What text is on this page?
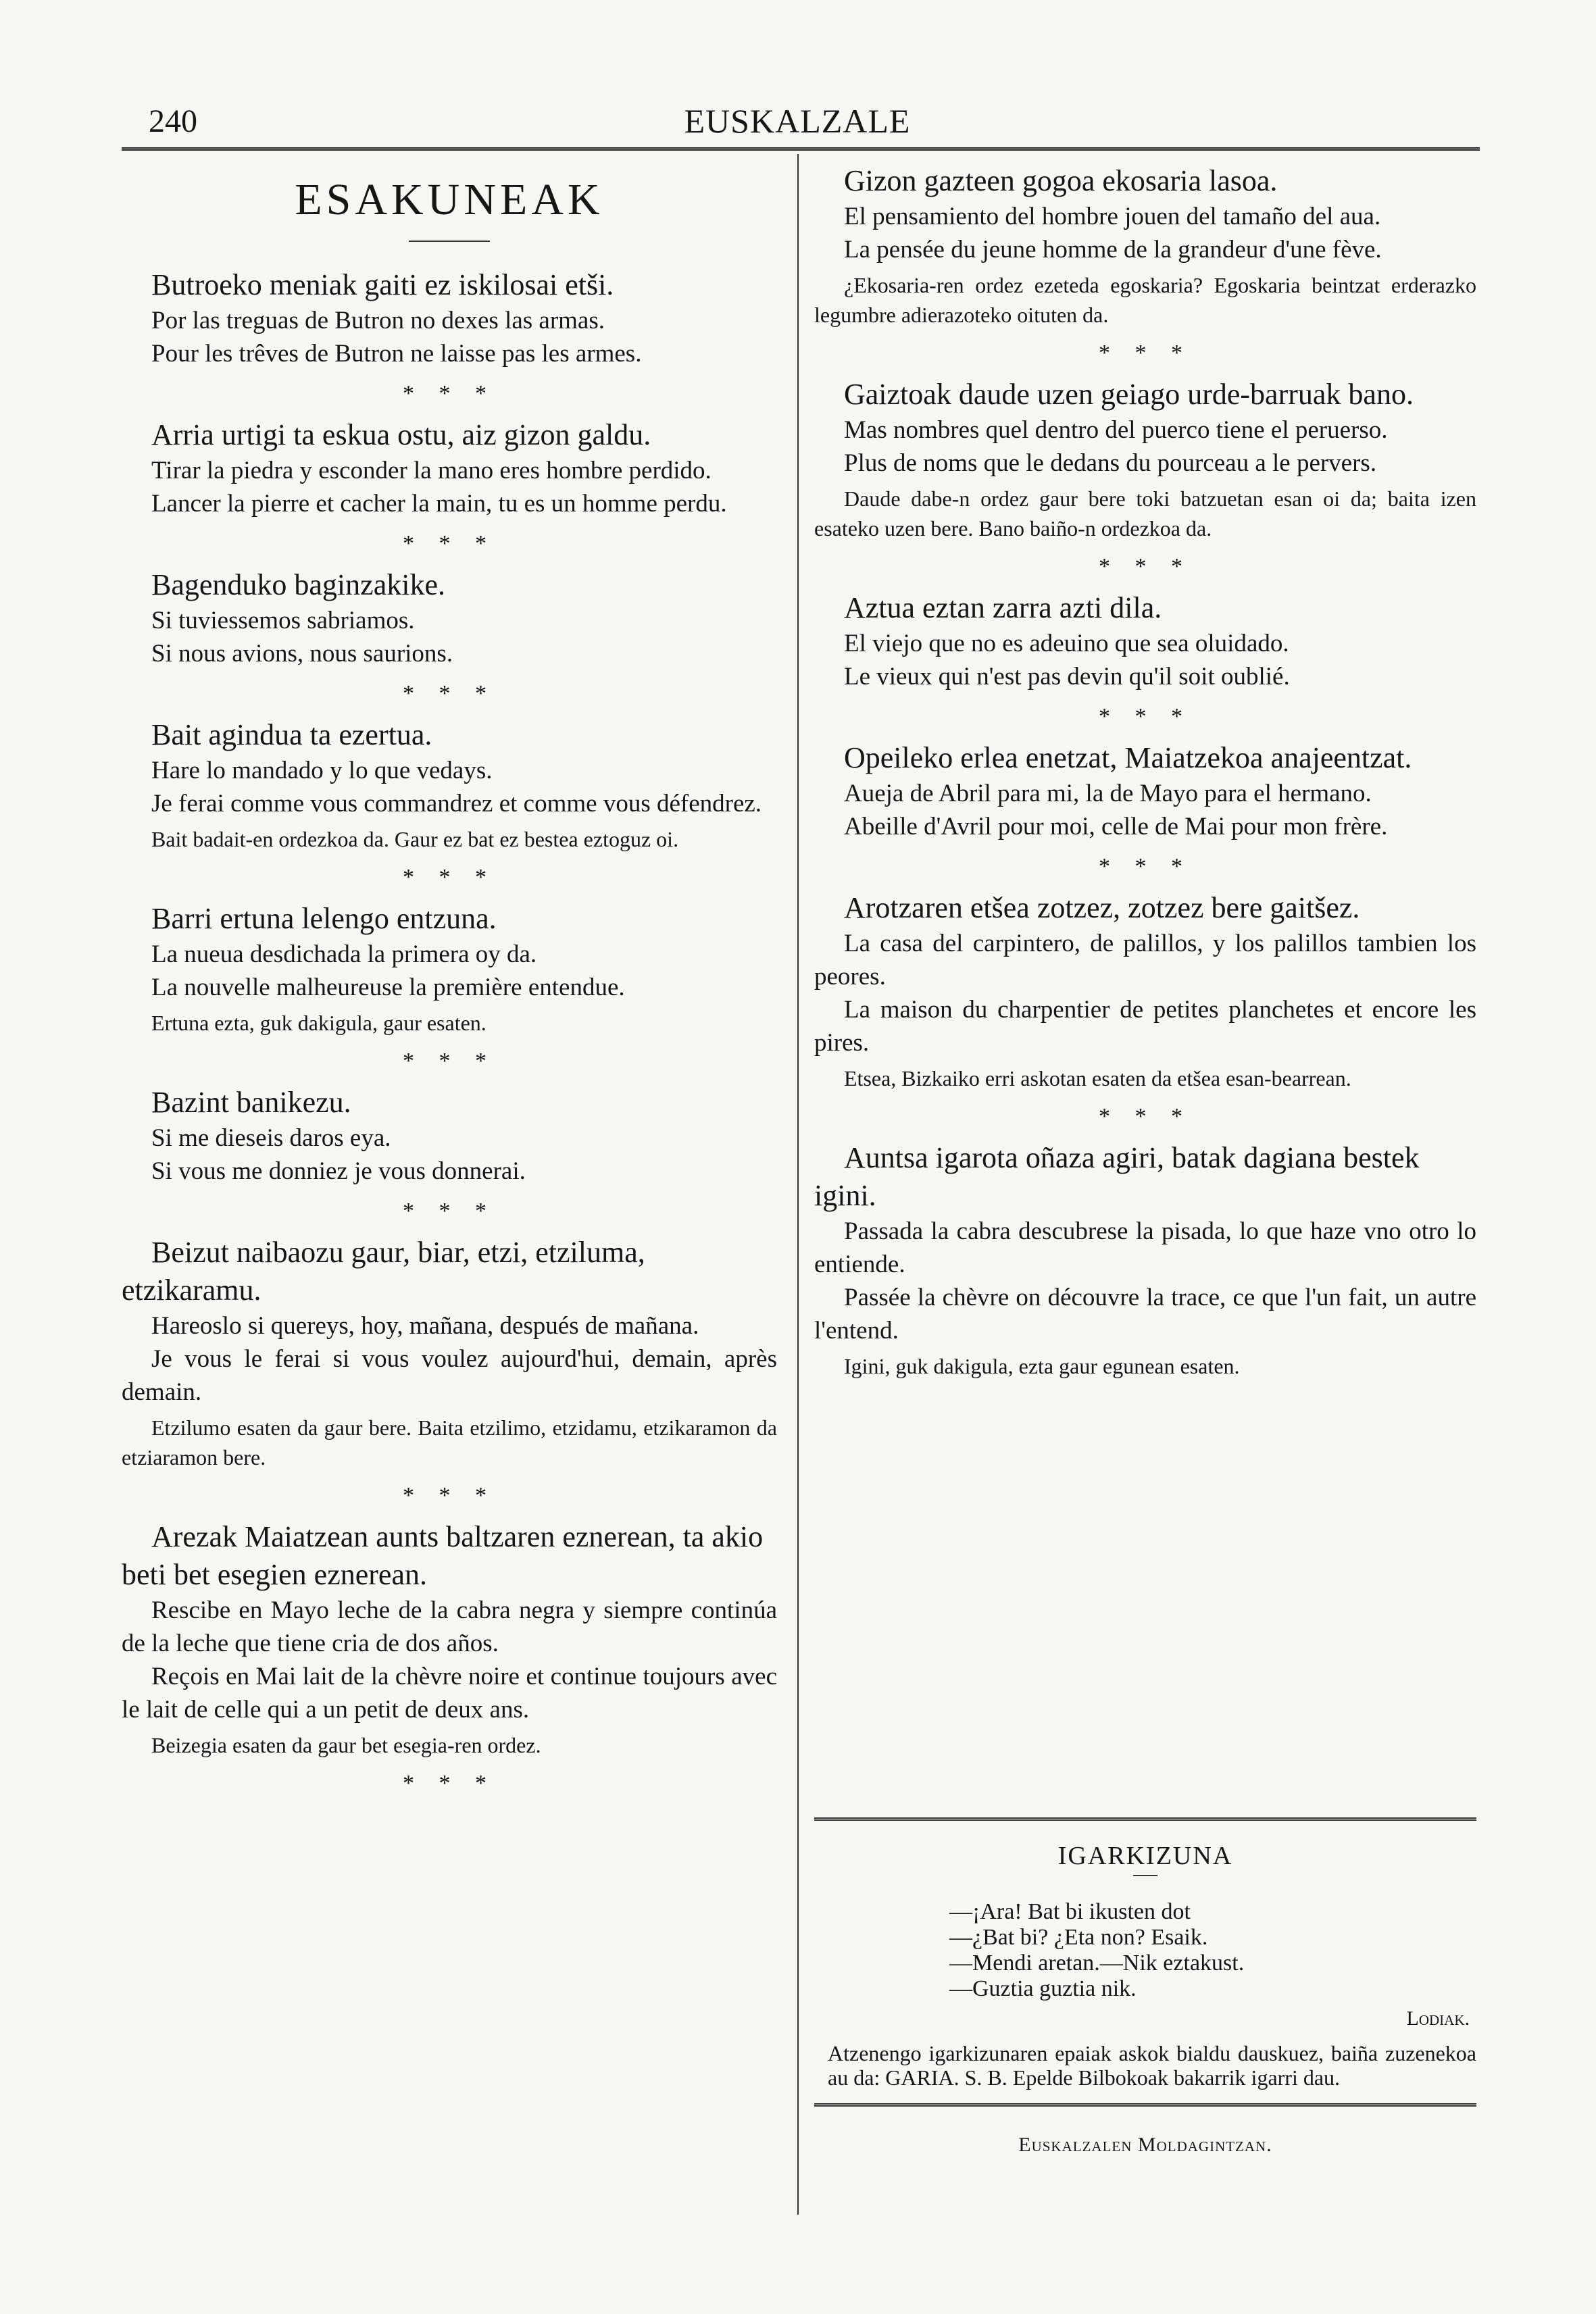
240	EUSKALZALE
ESAKUNEAK

Butroeko meniak gaiti ez iskilosai etši.

Por las treguas de Butron no dexes las armas.

Pour les trêves de Butron ne laisse pas les armes.

* * *

Arria urtigi ta eskua ostu, aiz gizon galdu.

Tirar la piedra y esconder la mano eres hombre perdido.

Lancer la pierre et cacher la main, tu es un homme perdu.

* * *

Bagenduko baginzakike.

Si tuviessemos sabriamos.

Si nous avions, nous saurions.

* * *

Bait agindua ta ezertua.

Hare lo mandado y lo que vedays.

Je ferai comme vous commandrez et comme vous défendrez.

Bait badait-en ordezkoa da. Gaur ez bat ez bestea eztoguz oi.

* * *

Barri ertuna lelengo entzuna.

La nueua desdichada la primera oy da.

La nouvelle malheureuse la première entendue.

Ertuna ezta, guk dakigula, gaur esaten.

* * *

Bazint banikezu.

Si me dieseis daros eya.

Si vous me donniez je vous donnerai.

* * *

Beizut naibaozu gaur, biar, etzi, etziluma, etzikaramu.

Hareoslo si quereys, hoy, mañana, después de mañana.

Je vous le ferai si vous voulez aujourd'hui, demain, après demain.

Etzilumo esaten da gaur bere. Baita etzilimo, etzidamu, etzikaramon da etziaramon bere.

* * *

Arezak Maiatzean aunts baltzaren eznerean, ta akio beti bet esegien eznerean.

Rescibe en Mayo leche de la cabra negra y siempre continúa de la leche que tiene cria de dos años.

Reçois en Mai lait de la chèvre noire et continue toujours avec le lait de celle qui a un petit de deux ans.

Beizegia esaten da gaur bet esegia-ren ordez.

* * *

Gizon gazteen gogoa ekosaria lasoa.

El pensamiento del hombre jouen del tamaño del aua.

La pensée du jeune homme de la grandeur d'une fève.

¿Ekosaria-ren ordez ezeteda egoskaria? Egoskaria beintzat erderazko legumbre adierazoteko oituten da.

* * *

Gaiztoak daude uzen geiago urde-barruak bano.

Mas nombres quel dentro del puerco tiene el peruerso.

Plus de noms que le dedans du pourceau a le pervers.

Daude dabe-n ordez gaur bere toki batzuetan esan oi da; baita izen esateko uzen bere. Bano baiño-n ordezkoa da.

* * *

Aztua eztan zarra azti dila.

El viejo que no es adeuino que sea oluidado.

Le vieux qui n'est pas devin qu'il soit oublié.

* * *

Opeileko erlea enetzat, Maiatzekoa anajeentzat.

Aueja de Abril para mi, la de Mayo para el hermano.

Abeille d'Avril pour moi, celle de Mai pour mon frère.

* * *

Arotzaren etšea zotzez, zotzez bere gaitšez.

La casa del carpintero, de palillos, y los palillos tambien los peores.

La maison du charpentier de petites planchetes et encore les pires.

Etsea, Bizkaiko erri askotan esaten da etšea esan-bearrean.

* * *

Auntsa igarota oñaza agiri, batak dagiana bestek igini.

Passada la cabra descubrese la pisada, lo que haze vno otro lo entiende.

Passée la chèvre on découvre la trace, ce que l'un fait, un autre l'entend.

Igini, guk dakigula, ezta gaur egunean esaten.

IGARKIZUNA

—¡Ara! Bat bi ikusten dot

—¿Bat bi? ¿Eta non? Esaik.

—Mendi aretan.—Nik eztakust.

—Guztia guztia nik.

Lodiak.

Atzenengo igarkizunaren epaiak askok bialdu dauskuez, baiña zuzenekoa au da: GARIA. S. B. Epelde Bilbokoak bakarrik igarri dau.

Euskalzalen Moldagintzan.
